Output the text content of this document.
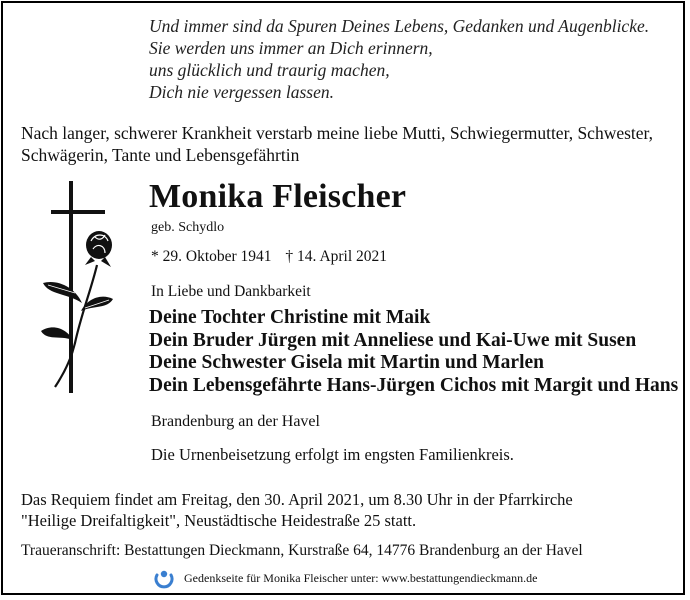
Und immer sind da Spuren Deines Lebens, Gedanken und Augenblicke.
Sie werden uns immer an Dich erinnern,
uns glücklich und traurig machen,
Dich nie vergessen lassen.
Nach langer, schwerer Krankheit verstarb meine liebe Mutti, Schwiegermutter, Schwester,
Schwägerin, Tante und Lebensgefährtin
Monika Fleischer
geb. Schydlo
* 29. Oktober 1941 † 14. April 2021
In Liebe und Dankbarkeit
Deine Tochter Christine mit Maik
Dein Bruder Jürgen mit Anneliese und Kai-Uwe mit Susen
Deine Schwester Gisela mit Martin und Marlen
Dein Lebensgefährte Hans-Jürgen Cichos mit Margit und Hans
Brandenburg an der Havel
Die Urnenbeisetzung erfolgt im engsten Familienkreis.
Das Requiem findet am Freitag, den 30. April 2021, um 8.30 Uhr in der Pfarrkirche
"Heilige Dreifaltigkeit", Neustädtische Heidestraße 25 statt.
Traueranschrift: Bestattungen Dieckmann, Kurstraße 64, 14776 Brandenburg an der Havel
Gedenkseite für Monika Fleischer unter: www.bestattungendieckmann.de
